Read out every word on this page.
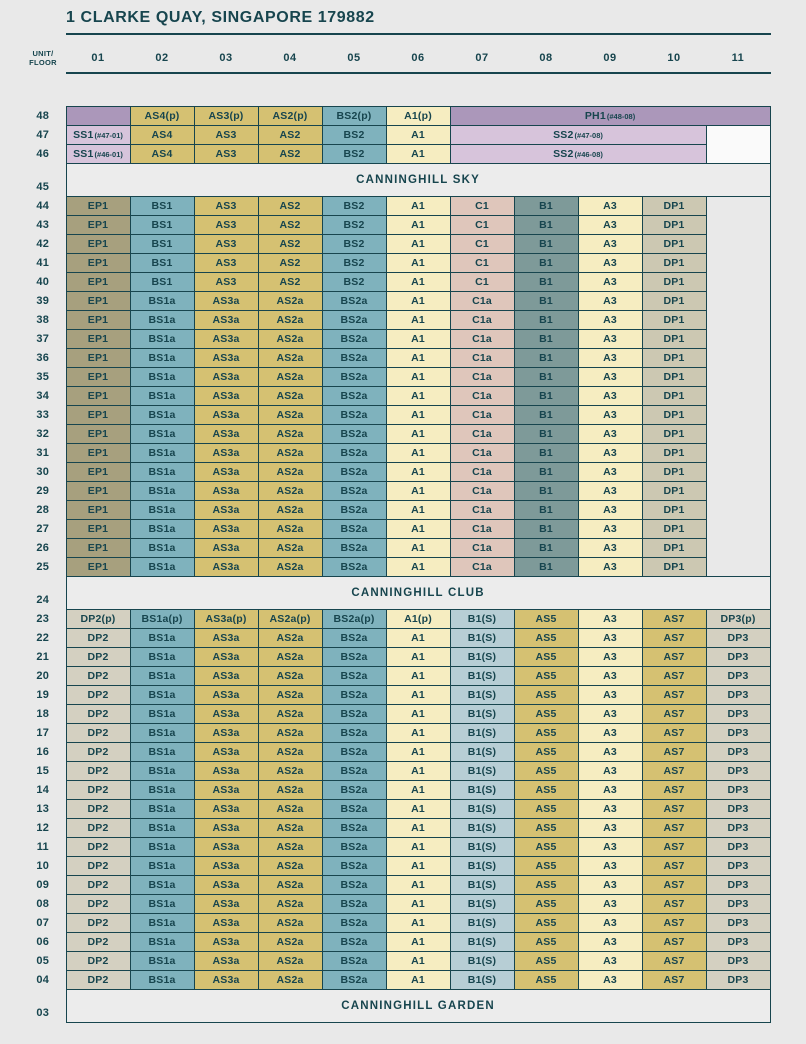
1 CLARKE QUAY, SINGAPORE 179882
UNIT/
FLOOR	01	02	03	04	05	06	07	08	09	10	11
48		AS4(p)	AS3(p)	AS2(p)	BS2(p)	A1(p)	PH1(#48-08)				
47	SS1(#47-01)	AS4	AS3	AS2	BS2	A1	SS2(#47-08)				
46	SS1(#46-01)	AS4	AS3	AS2	BS2	A1	SS2(#46-08)				
45	CANNINGHILL SKY										
44	EP1	BS1	AS3	AS2	BS2	A1	C1	B1	A3	DP1	
43	EP1	BS1	AS3	AS2	BS2	A1	C1	B1	A3	DP1	
42	EP1	BS1	AS3	AS2	BS2	A1	C1	B1	A3	DP1	
41	EP1	BS1	AS3	AS2	BS2	A1	C1	B1	A3	DP1	
40	EP1	BS1	AS3	AS2	BS2	A1	C1	B1	A3	DP1	
39	EP1	BS1a	AS3a	AS2a	BS2a	A1	C1a	B1	A3	DP1	
38	EP1	BS1a	AS3a	AS2a	BS2a	A1	C1a	B1	A3	DP1	
37	EP1	BS1a	AS3a	AS2a	BS2a	A1	C1a	B1	A3	DP1	
36	EP1	BS1a	AS3a	AS2a	BS2a	A1	C1a	B1	A3	DP1	
35	EP1	BS1a	AS3a	AS2a	BS2a	A1	C1a	B1	A3	DP1	
34	EP1	BS1a	AS3a	AS2a	BS2a	A1	C1a	B1	A3	DP1	
33	EP1	BS1a	AS3a	AS2a	BS2a	A1	C1a	B1	A3	DP1	
32	EP1	BS1a	AS3a	AS2a	BS2a	A1	C1a	B1	A3	DP1	
31	EP1	BS1a	AS3a	AS2a	BS2a	A1	C1a	B1	A3	DP1	
30	EP1	BS1a	AS3a	AS2a	BS2a	A1	C1a	B1	A3	DP1	
29	EP1	BS1a	AS3a	AS2a	BS2a	A1	C1a	B1	A3	DP1	
28	EP1	BS1a	AS3a	AS2a	BS2a	A1	C1a	B1	A3	DP1	
27	EP1	BS1a	AS3a	AS2a	BS2a	A1	C1a	B1	A3	DP1	
26	EP1	BS1a	AS3a	AS2a	BS2a	A1	C1a	B1	A3	DP1	
25	EP1	BS1a	AS3a	AS2a	BS2a	A1	C1a	B1	A3	DP1	
24	CANNINGHILL CLUB										
23	DP2(p)	BS1a(p)	AS3a(p)	AS2a(p)	BS2a(p)	A1(p)	B1(S)	AS5	A3	AS7	DP3(p)
22	DP2	BS1a	AS3a	AS2a	BS2a	A1	B1(S)	AS5	A3	AS7	DP3
21	DP2	BS1a	AS3a	AS2a	BS2a	A1	B1(S)	AS5	A3	AS7	DP3
20	DP2	BS1a	AS3a	AS2a	BS2a	A1	B1(S)	AS5	A3	AS7	DP3
19	DP2	BS1a	AS3a	AS2a	BS2a	A1	B1(S)	AS5	A3	AS7	DP3
18	DP2	BS1a	AS3a	AS2a	BS2a	A1	B1(S)	AS5	A3	AS7	DP3
17	DP2	BS1a	AS3a	AS2a	BS2a	A1	B1(S)	AS5	A3	AS7	DP3
16	DP2	BS1a	AS3a	AS2a	BS2a	A1	B1(S)	AS5	A3	AS7	DP3
15	DP2	BS1a	AS3a	AS2a	BS2a	A1	B1(S)	AS5	A3	AS7	DP3
14	DP2	BS1a	AS3a	AS2a	BS2a	A1	B1(S)	AS5	A3	AS7	DP3
13	DP2	BS1a	AS3a	AS2a	BS2a	A1	B1(S)	AS5	A3	AS7	DP3
12	DP2	BS1a	AS3a	AS2a	BS2a	A1	B1(S)	AS5	A3	AS7	DP3
11	DP2	BS1a	AS3a	AS2a	BS2a	A1	B1(S)	AS5	A3	AS7	DP3
10	DP2	BS1a	AS3a	AS2a	BS2a	A1	B1(S)	AS5	A3	AS7	DP3
09	DP2	BS1a	AS3a	AS2a	BS2a	A1	B1(S)	AS5	A3	AS7	DP3
08	DP2	BS1a	AS3a	AS2a	BS2a	A1	B1(S)	AS5	A3	AS7	DP3
07	DP2	BS1a	AS3a	AS2a	BS2a	A1	B1(S)	AS5	A3	AS7	DP3
06	DP2	BS1a	AS3a	AS2a	BS2a	A1	B1(S)	AS5	A3	AS7	DP3
05	DP2	BS1a	AS3a	AS2a	BS2a	A1	B1(S)	AS5	A3	AS7	DP3
04	DP2	BS1a	AS3a	AS2a	BS2a	A1	B1(S)	AS5	A3	AS7	DP3
03	CANNINGHILL GARDEN										
